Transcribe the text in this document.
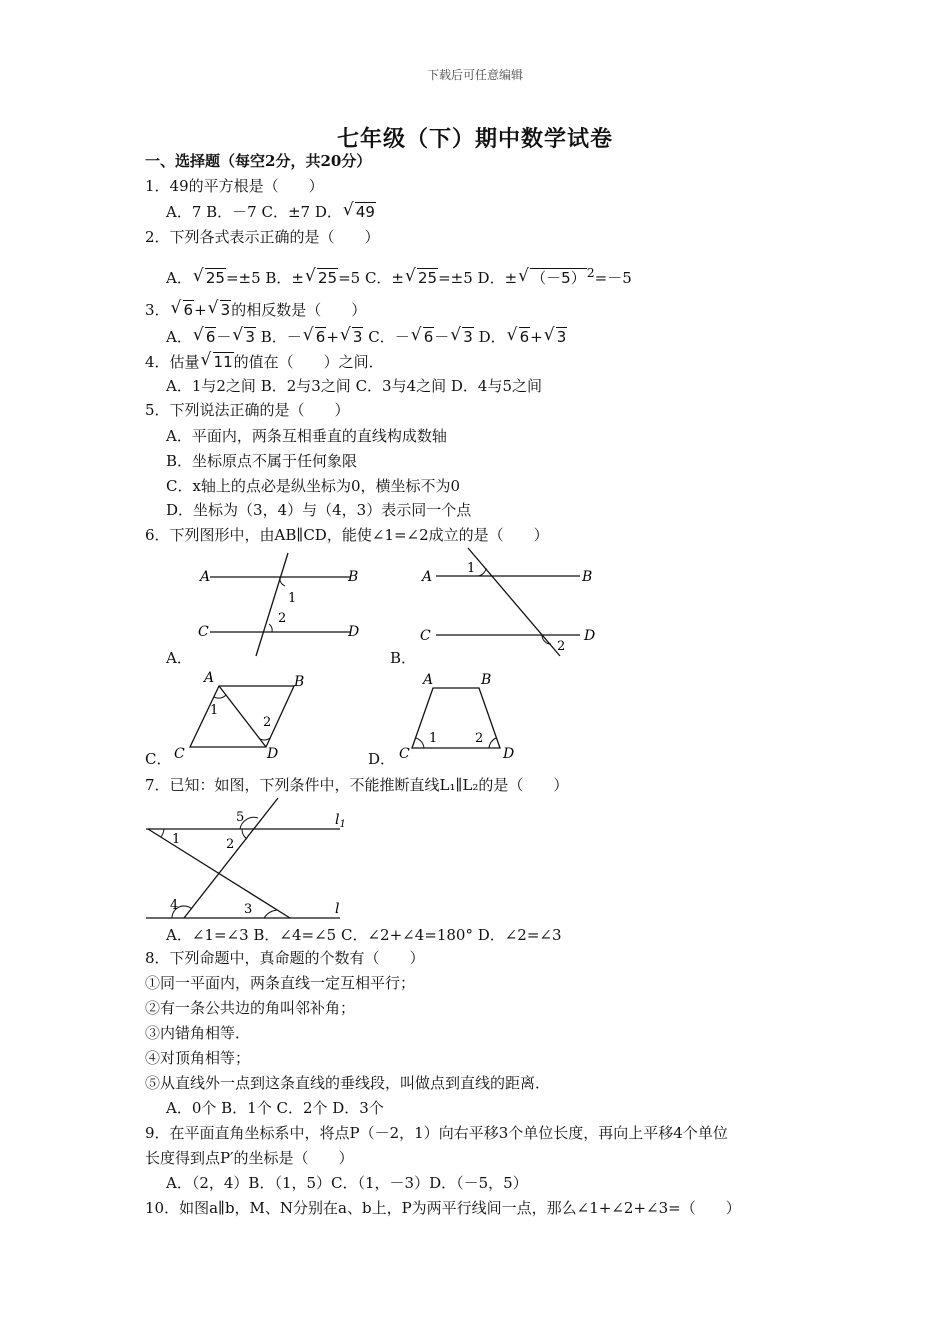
下载后可任意编辑
七年级（下）期中数学试卷
一、选择题（每空2分，共20分）
1．49的平方根是（　　）
A．7 B．－7 C．±7 D． √ 49
2．下列各式表示正确的是（　　）
A． √ 25=±5 B．± √ 25=5 C．± √ 25=±5 D．± √ $(-5)^2=-5$
3． √ 6+ √ 3的相反数是（　　）
A． √ 6－ √ 3 B．－ √ 6+ √ 3 C．－ √ 6－ √ 3 D． √ 6+ √ 3
4．估量 √ 11的值在（　　）之间．
A．1与2之间 B．2与3之间 C．3与4之间 D．4与5之间
5．下列说法正确的是（　　）
A．平面内，两条互相垂直的直线构成数轴
B．坐标原点不属于任何象限
C．x轴上的点必是纵坐标为0，横坐标不为0
D．坐标为（3，4）与（4，3）表示同一个点
6．下列图形中，由AB∥CD，能使∠1=∠2成立的是（　　）
A	B
C	D
1
2
A．
A	B
C	D
1
2
B．
A	B
C	D
1
2
C．
A	B
C	D
1	2
D．
7．已知：如图，下列条件中，不能推断直线L₁∥L₂的是（　　）
1	2
3
4
5	$l_1$
l
A．∠1=∠3 B．∠4=∠5 C．∠2+∠4=180° D．∠2=∠3
8．下列命题中，真命题的个数有（　　）
①同一平面内，两条直线一定互相平行；
②有一条公共边的角叫邻补角；
③内错角相等．
④对顶角相等；
⑤从直线外一点到这条直线的垂线段，叫做点到直线的距离．
A．0个 B．1个 C．2个 D．3个
9．在平面直角坐标系中，将点P（－2，1）向右平移3个单位长度，再向上平移4个单位
长度得到点P′的坐标是（　　）
A．（2，4）B．（1，5）C．（1，－3）D．（－5，5）
10．如图a∥b，M、N分别在a、b上，P为两平行线间一点，那么∠1+∠2+∠3=（　　）
